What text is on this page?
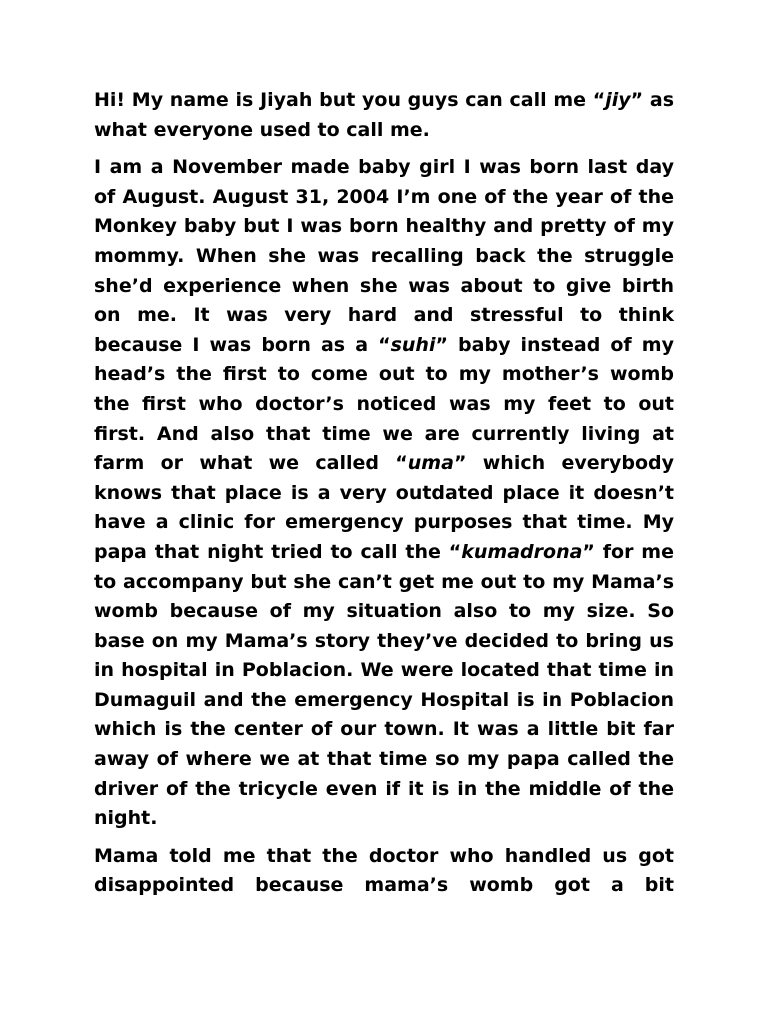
Hi! My name is Jiyah but you guys can call me “jiy” as what everyone used to call me.

I am a November made baby girl I was born last day of August. August 31, 2004 I’m one of the year of the Monkey baby but I was born healthy and pretty of my mommy. When she was recalling back the struggle she’d experience when she was about to give birth on me. It was very hard and stressful to think because I was born as a “suhi” baby instead of my head’s the first to come out to my mother’s womb the first who doctor’s noticed was my feet to out first. And also that time we are currently living at farm or what we called “uma” which everybody knows that place is a very outdated place it doesn’t have a clinic for emergency purposes that time. My papa that night tried to call the “kumadrona” for me to accompany but she can’t get me out to my Mama’s womb because of my situation also to my size. So base on my Mama’s story they’ve decided to bring us in hospital in Poblacion. We were located that time in Dumaguil and the emergency Hospital is in Poblacion which is the center of our town. It was a little bit far away of where we at that time so my papa called the driver of the tricycle even if it is in the middle of the night.

Mama told me that the doctor who handled us got disappointed because mama’s womb got a bit
